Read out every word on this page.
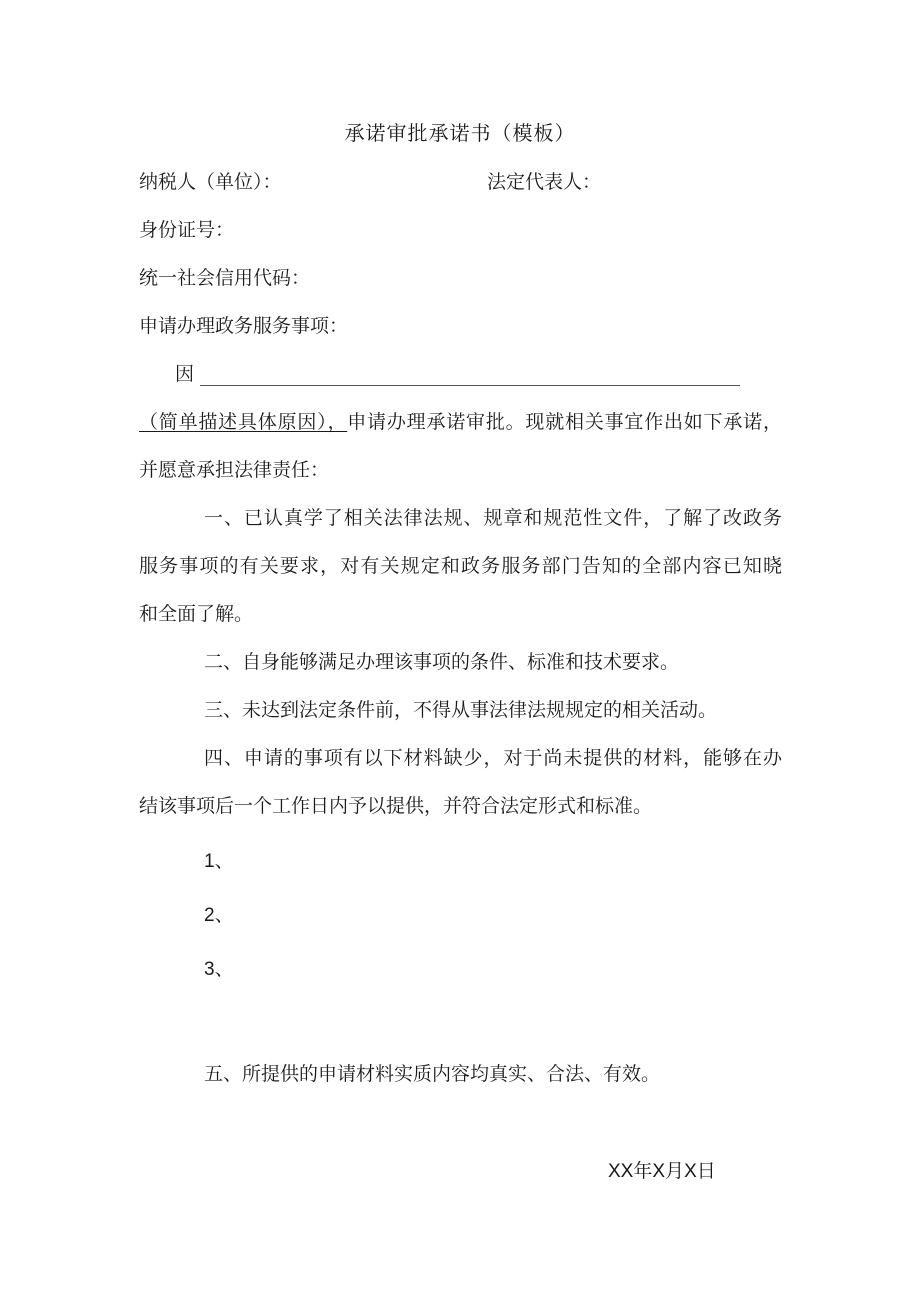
承诺审批承诺书（模板）
纳税人（单位）：	法定代表人：
身份证号：
统一社会信用代码：
申请办理政务服务事项：
因
（简单描述具体原因），申请办理承诺审批。现就相关事宜作出如下承诺，
并愿意承担法律责任：
一、已认真学了相关法律法规、规章和规范性文件，了解了改政务
服务事项的有关要求，对有关规定和政务服务部门告知的全部内容已知晓
和全面了解。
二、自身能够满足办理该事项的条件、标准和技术要求。
三、未达到法定条件前，不得从事法律法规规定的相关活动。
四、申请的事项有以下材料缺少，对于尚未提供的材料，能够在办
结该事项后一个工作日内予以提供，并符合法定形式和标准。
1、
2、
3、
五、所提供的申请材料实质内容均真实、合法、有效。
XX年X月X日
